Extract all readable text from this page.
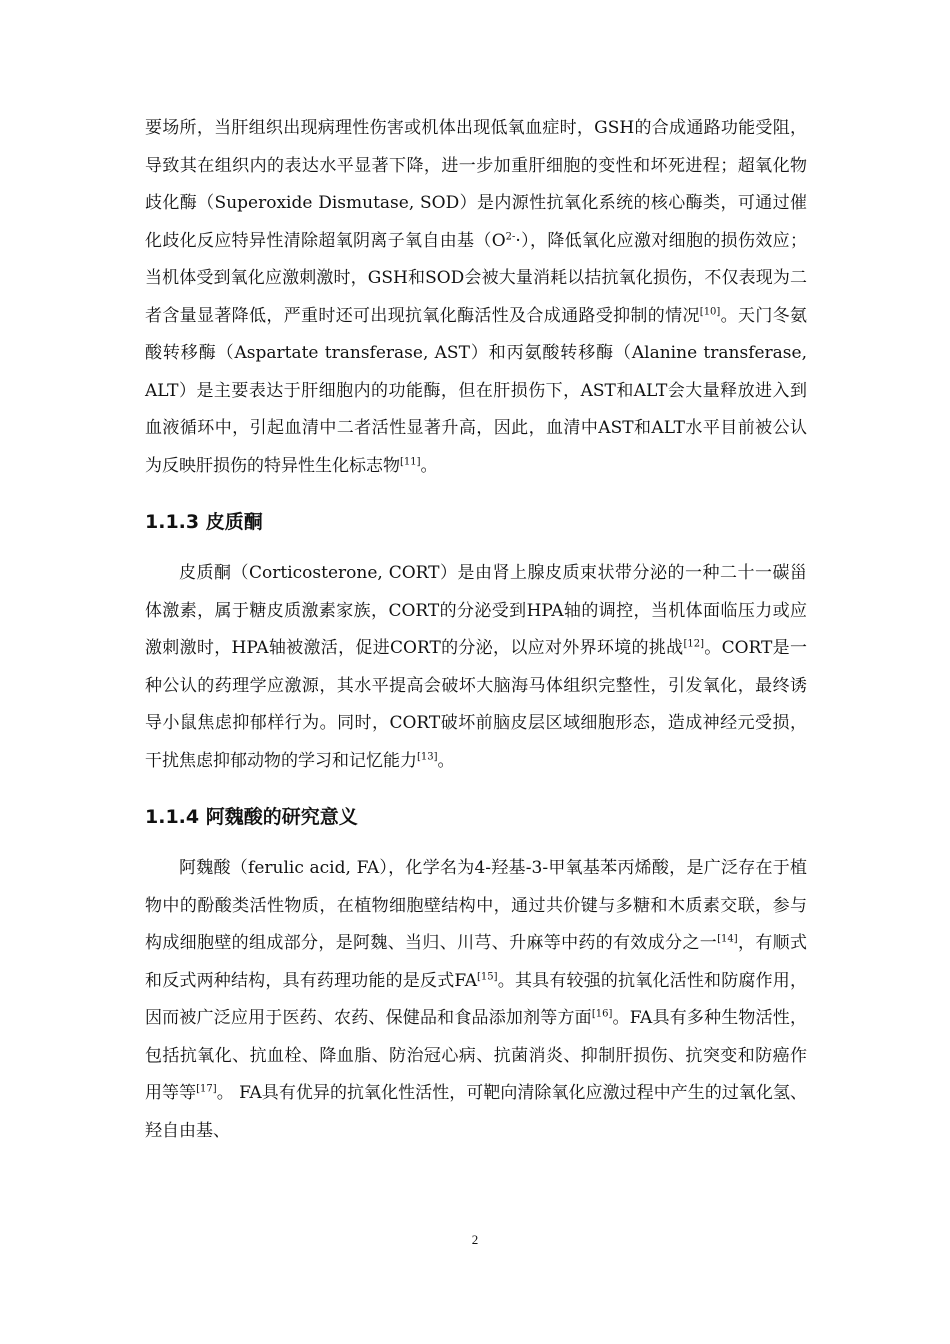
要场所，当肝组织出现病理性伤害或机体出现低氧血症时，GSH的合成通路功能受阻，导致其在组织内的表达水平显著下降，进一步加重肝细胞的变性和坏死进程；超氧化物歧化酶（Superoxide Dismutase, SOD）是内源性抗氧化系统的核心酶类，可通过催化歧化反应特异性清除超氧阴离子氧自由基$(O^{2-}\cdot)$，降低氧化应激对细胞的损伤效应；当机体受到氧化应激刺激时，GSH和SOD会被大量消耗以拮抗氧化损伤，不仅表现为二者含量显著降低，严重时还可出现抗氧化酶活性及合成通路受抑制的情况[10]。天门冬氨酸转移酶（Aspartate transferase, AST）和丙氨酸转移酶（Alanine transferase, ALT）是主要表达于肝细胞内的功能酶，但在肝损伤下，AST和ALT会大量释放进入到血液循环中，引起血清中二者活性显著升高，因此，血清中AST和ALT水平目前被公认为反映肝损伤的特异性生化标志物[11]。

1.1.3 皮质酮

皮质酮（Corticosterone, CORT）是由肾上腺皮质束状带分泌的一种二十一碳甾体激素，属于糖皮质激素家族，CORT的分泌受到HPA轴的调控，当机体面临压力或应激刺激时，HPA轴被激活，促进CORT的分泌，以应对外界环境的挑战[12]。CORT是一种公认的药理学应激源，其水平提高会破坏大脑海马体组织完整性，引发氧化，最终诱导小鼠焦虑抑郁样行为。同时，CORT破坏前脑皮层区域细胞形态，造成神经元受损，干扰焦虑抑郁动物的学习和记忆能力[13]。

1.1.4 阿魏酸的研究意义

阿魏酸（ferulic acid, FA），化学名为4-羟基-3-甲氧基苯丙烯酸，是广泛存在于植物中的酚酸类活性物质，在植物细胞壁结构中，通过共价键与多糖和木质素交联，参与构成细胞壁的组成部分，是阿魏、当归、川芎、升麻等中药的有效成分之一[14]，有顺式和反式两种结构，具有药理功能的是反式FA[15]。其具有较强的抗氧化活性和防腐作用，因而被广泛应用于医药、农药、保健品和食品添加剂等方面[16]。FA具有多种生物活性，包括抗氧化、抗血栓、降血脂、防治冠心病、抗菌消炎、抑制肝损伤、抗突变和防癌作用等等[17]。 FA具有优异的抗氧化性活性，可靶向清除氧化应激过程中产生的过氧化氢、羟自由基、

2
